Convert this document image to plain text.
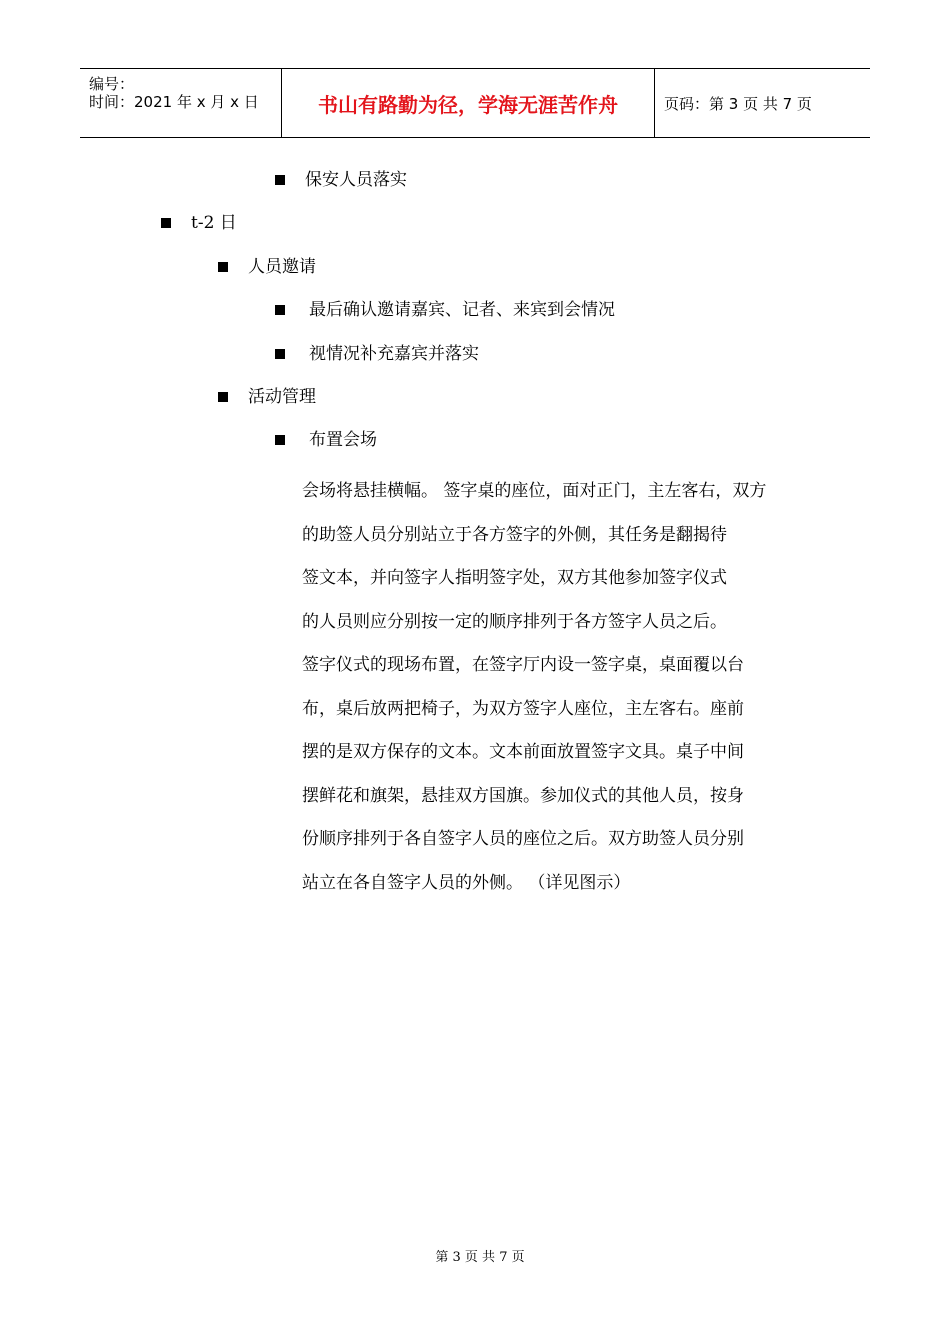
编号：
时间：2021 年 x 月 x 日	书山有路勤为径，学海无涯苦作舟	页码：第 3 页 共 7 页
保安人员落实
t-2 日
人员邀请
最后确认邀请嘉宾、记者、来宾到会情况
视情况补充嘉宾并落实
活动管理
布置会场
会场将悬挂横幅。 签字桌的座位，面对正门，主左客右，双方
的助签人员分别站立于各方签字的外侧，其任务是翻揭待
签文本，并向签字人指明签字处，双方其他参加签字仪式
的人员则应分别按一定的顺序排列于各方签字人员之后。
签字仪式的现场布置，在签字厅内设一签字桌，桌面覆以台
布，桌后放两把椅子，为双方签字人座位，主左客右。座前
摆的是双方保存的文本。文本前面放置签字文具。桌子中间
摆鲜花和旗架，悬挂双方国旗。参加仪式的其他人员，按身
份顺序排列于各自签字人员的座位之后。双方助签人员分别
站立在各自签字人员的外侧。 （详见图示）
第 3 页 共 7 页
